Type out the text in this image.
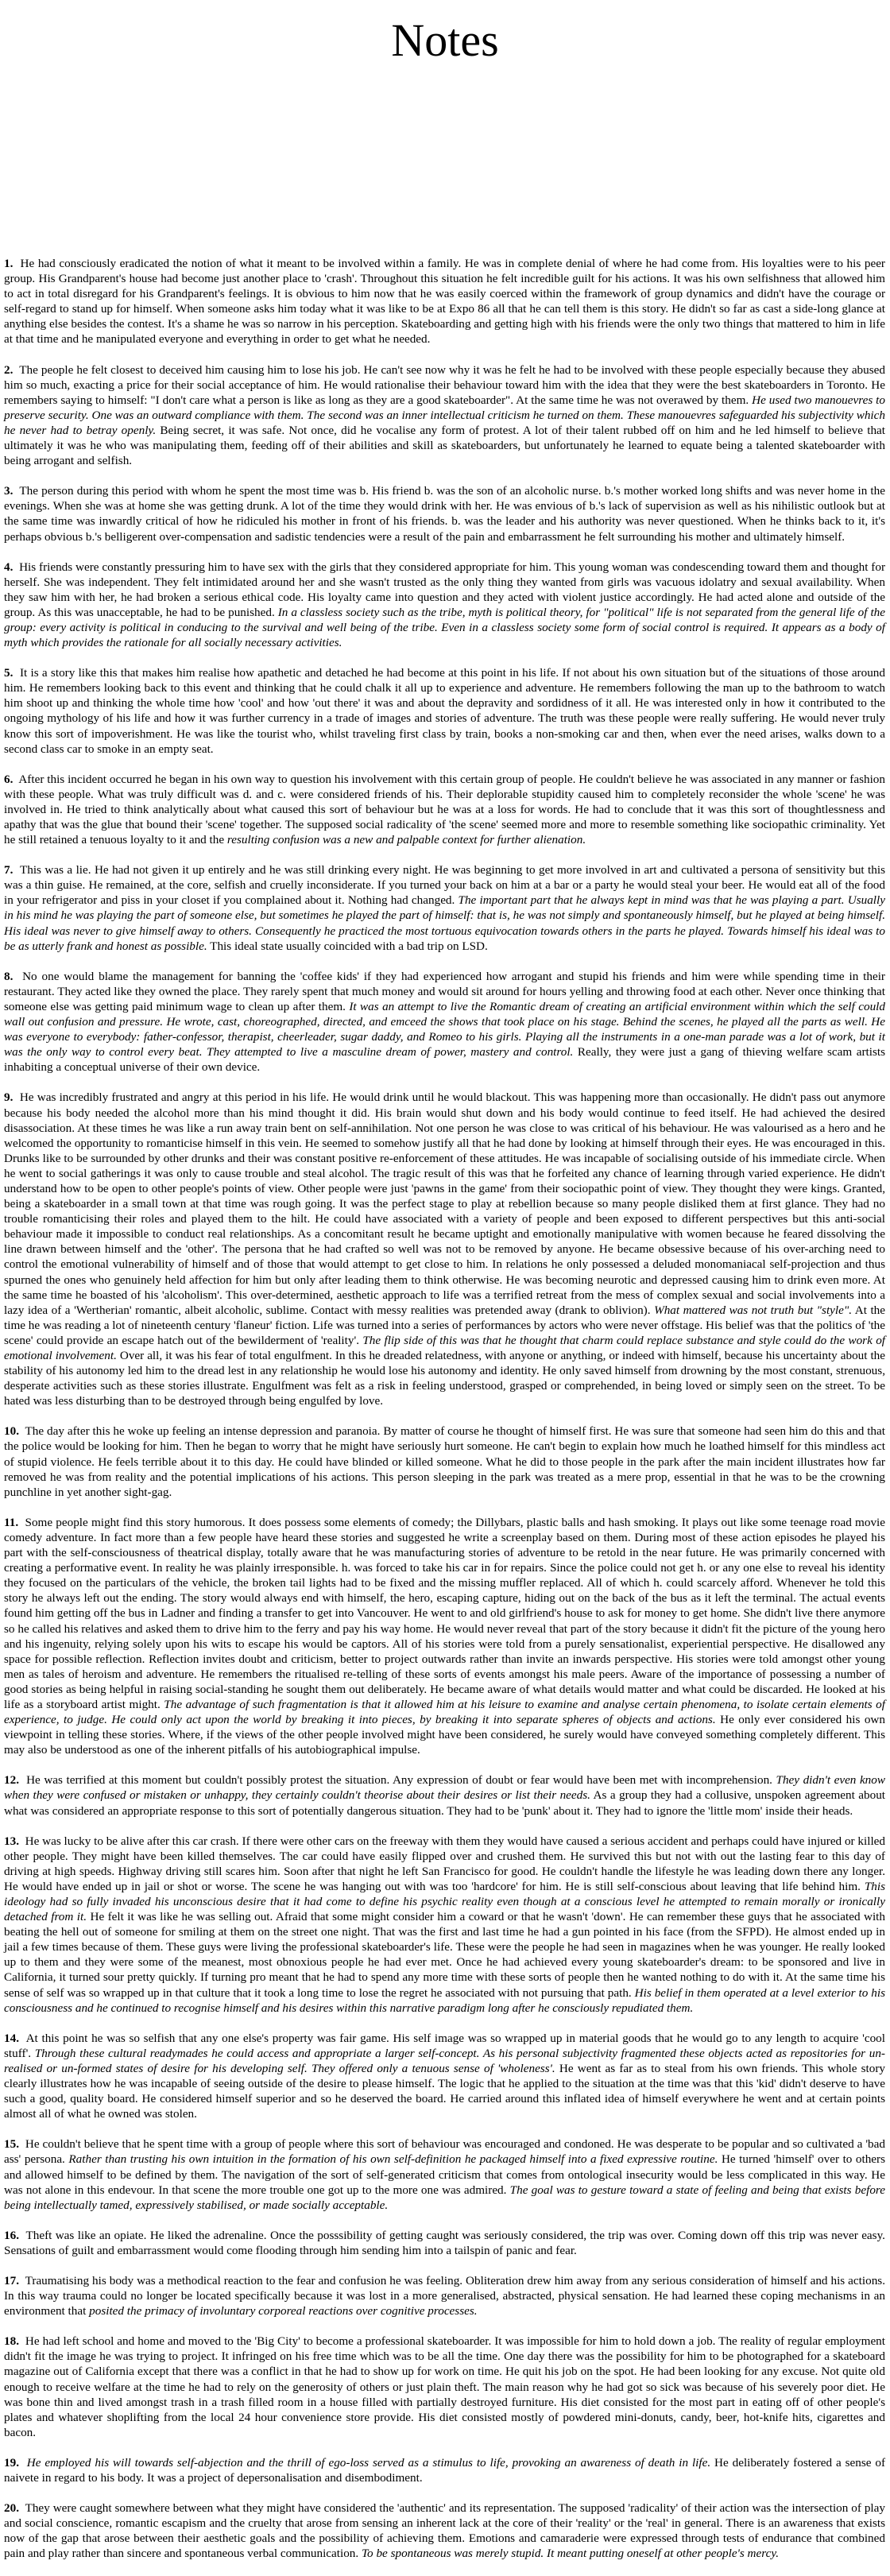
Notes

1. He had consciously eradicated the notion of what it meant to be involved within a family. He was in complete denial of where he had come from. His loyalties were to his peer group. His Grandparent's house had become just another place to 'crash'. Throughout this situation he felt incredible guilt for his actions. It was his own selfishness that allowed him to act in total disregard for his Grandparent's feelings. It is obvious to him now that he was easily coerced within the framework of group dynamics and didn't have the courage or self-regard to stand up for himself. When someone asks him today what it was like to be at Expo 86 all that he can tell them is this story. He didn't so far as cast a side-long glance at anything else besides the contest. It's a shame he was so narrow in his perception. Skateboarding and getting high with his friends were the only two things that mattered to him in life at that time and he manipulated everyone and everything in order to get what he needed.

2. The people he felt closest to deceived him causing him to lose his job. He can't see now why it was he felt he had to be involved with these people especially because they abused him so much, exacting a price for their social acceptance of him. He would rationalise their behaviour toward him with the idea that they were the best skateboarders in Toronto. He remembers saying to himself: "I don't care what a person is like as long as they are a good skateboarder". At the same time he was not overawed by them. He used two manouevres to preserve security. One was an outward compliance with them. The second was an inner intellectual criticism he turned on them. These manouevres safeguarded his subjectivity which he never had to betray openly. Being secret, it was safe. Not once, did he vocalise any form of protest. A lot of their talent rubbed off on him and he led himself to believe that ultimately it was he who was manipulating them, feeding off of their abilities and skill as skateboarders, but unfortunately he learned to equate being a talented skateboarder with being arrogant and selfish.

3. The person during this period with whom he spent the most time was b. His friend b. was the son of an alcoholic nurse. b.'s mother worked long shifts and was never home in the evenings. When she was at home she was getting drunk. A lot of the time they would drink with her. He was envious of b.'s lack of supervision as well as his nihilistic outlook but at the same time was inwardly critical of how he ridiculed his mother in front of his friends. b. was the leader and his authority was never questioned. When he thinks back to it, it's perhaps obvious b.'s belligerent over-compensation and sadistic tendencies were a result of the pain and embarrassment he felt surrounding his mother and ultimately himself.

4. His friends were constantly pressuring him to have sex with the girls that they considered appropriate for him. This young woman was condescending toward them and thought for herself. She was independent. They felt intimidated around her and she wasn't trusted as the only thing they wanted from girls was vacuous idolatry and sexual availability. When they saw him with her, he had broken a serious ethical code. His loyalty came into question and they acted with violent justice accordingly. He had acted alone and outside of the group. As this was unacceptable, he had to be punished. In a classless society such as the tribe, myth is political theory, for "political" life is not separated from the general life of the group: every activity is political in conducing to the survival and well being of the tribe. Even in a classless society some form of social control is required. It appears as a body of myth which provides the rationale for all socially necessary activities.

5. It is a story like this that makes him realise how apathetic and detached he had become at this point in his life. If not about his own situation but of the situations of those around him. He remembers looking back to this event and thinking that he could chalk it all up to experience and adventure. He remembers following the man up to the bathroom to watch him shoot up and thinking the whole time how 'cool' and how 'out there' it was and about the depravity and sordidness of it all. He was interested only in how it contributed to the ongoing mythology of his life and how it was further currency in a trade of images and stories of adventure. The truth was these people were really suffering. He would never truly know this sort of impoverishment. He was like the tourist who, whilst traveling first class by train, books a non-smoking car and then, when ever the need arises, walks down to a second class car to smoke in an empty seat.

6. After this incident occurred he began in his own way to question his involvement with this certain group of people. He couldn't believe he was associated in any manner or fashion with these people. What was truly difficult was d. and c. were considered friends of his. Their deplorable stupidity caused him to completely reconsider the whole 'scene' he was involved in. He tried to think analytically about what caused this sort of behaviour but he was at a loss for words. He had to conclude that it was this sort of thoughtlessness and apathy that was the glue that bound their 'scene' together. The supposed social radicality of 'the scene' seemed more and more to resemble something like sociopathic criminality. Yet he still retained a tenuous loyalty to it and the resulting confusion was a new and palpable context for further alienation.

7. This was a lie. He had not given it up entirely and he was still drinking every night. He was beginning to get more involved in art and cultivated a persona of sensitivity but this was a thin guise. He remained, at the core, selfish and cruelly inconsiderate. If you turned your back on him at a bar or a party he would steal your beer. He would eat all of the food in your refrigerator and piss in your closet if you complained about it. Nothing had changed. The important part that he always kept in mind was that he was playing a part. Usually in his mind he was playing the part of someone else, but sometimes he played the part of himself: that is, he was not simply and spontaneously himself, but he played at being himself. His ideal was never to give himself away to others. Consequently he practiced the most tortuous equivocation towards others in the parts he played. Towards himself his ideal was to be as utterly frank and honest as possible. This ideal state usually coincided with a bad trip on LSD.

8. No one would blame the management for banning the 'coffee kids' if they had experienced how arrogant and stupid his friends and him were while spending time in their restaurant. They acted like they owned the place. They rarely spent that much money and would sit around for hours yelling and throwing food at each other. Never once thinking that someone else was getting paid minimum wage to clean up after them. It was an attempt to live the Romantic dream of creating an artificial environment within which the self could wall out confusion and pressure. He wrote, cast, choreographed, directed, and emceed the shows that took place on his stage. Behind the scenes, he played all the parts as well. He was everyone to everybody: father-confessor, therapist, cheerleader, sugar daddy, and Romeo to his girls. Playing all the instruments in a one-man parade was a lot of work, but it was the only way to control every beat. They attempted to live a masculine dream of power, mastery and control. Really, they were just a gang of thieving welfare scam artists inhabiting a conceptual universe of their own device.

9. He was incredibly frustrated and angry at this period in his life. He would drink until he would blackout. This was happening more than occasionally. He didn't pass out anymore because his body needed the alcohol more than his mind thought it did. His brain would shut down and his body would continue to feed itself. He had achieved the desired disassociation. At these times he was like a run away train bent on self-annihilation. Not one person he was close to was critical of his behaviour. He was valourised as a hero and he welcomed the opportunity to romanticise himself in this vein. He seemed to somehow justify all that he had done by looking at himself through their eyes. He was encouraged in this. Drunks like to be surrounded by other drunks and their was constant positive re-enforcement of these attitudes. He was incapable of socialising outside of his immediate circle. When he went to social gatherings it was only to cause trouble and steal alcohol. The tragic result of this was that he forfeited any chance of learning through varied experience. He didn't understand how to be open to other people's points of view. Other people were just 'pawns in the game' from their sociopathic point of view. They thought they were kings. Granted, being a skateboarder in a small town at that time was rough going. It was the perfect stage to play at rebellion because so many people disliked them at first glance. They had no trouble romanticising their roles and played them to the hilt. He could have associated with a variety of people and been exposed to different perspectives but this anti-social behaviour made it impossible to conduct real relationships. As a concomitant result he became uptight and emotionally manipulative with women because he feared dissolving the line drawn between himself and the 'other'. The persona that he had crafted so well was not to be removed by anyone. He became obsessive because of his over-arching need to control the emotional vulnerability of himself and of those that would attempt to get close to him. In relations he only possessed a deluded monomaniacal self-projection and thus spurned the ones who genuinely held affection for him but only after leading them to think otherwise. He was becoming neurotic and depressed causing him to drink even more. At the same time he boasted of his 'alcoholism'. This over-determined, aesthetic approach to life was a terrified retreat from the mess of complex sexual and social involvements into a lazy idea of a 'Wertherian' romantic, albeit alcoholic, sublime. Contact with messy realities was pretended away (drank to oblivion). What mattered was not truth but "style". At the time he was reading a lot of nineteenth century 'flaneur' fiction. Life was turned into a series of performances by actors who were never offstage. His belief was that the politics of 'the scene' could provide an escape hatch out of the bewilderment of 'reality'. The flip side of this was that he thought that charm could replace substance and style could do the work of emotional involvement. Over all, it was his fear of total engulfment. In this he dreaded relatedness, with anyone or anything, or indeed with himself, because his uncertainty about the stability of his autonomy led him to the dread lest in any relationship he would lose his autonomy and identity. He only saved himself from drowning by the most constant, strenuous, desperate activities such as these stories illustrate. Engulfment was felt as a risk in feeling understood, grasped or comprehended, in being loved or simply seen on the street. To be hated was less disturbing than to be destroyed through being engulfed by love.

10. The day after this he woke up feeling an intense depression and paranoia. By matter of course he thought of himself first. He was sure that someone had seen him do this and that the police would be looking for him. Then he began to worry that he might have seriously hurt someone. He can't begin to explain how much he loathed himself for this mindless act of stupid violence. He feels terrible about it to this day. He could have blinded or killed someone. What he did to those people in the park after the main incident illustrates how far removed he was from reality and the potential implications of his actions. This person sleeping in the park was treated as a mere prop, essential in that he was to be the crowning punchline in yet another sight-gag.

11. Some people might find this story humorous. It does possess some elements of comedy; the Dillybars, plastic balls and hash smoking. It plays out like some teenage road movie comedy adventure. In fact more than a few people have heard these stories and suggested he write a screenplay based on them. During most of these action episodes he played his part with the self-consciousness of theatrical display, totally aware that he was manufacturing stories of adventure to be retold in the near future. He was primarily concerned with creating a performative event. In reality he was plainly irresponsible. h. was forced to take his car in for repairs. Since the police could not get h. or any one else to reveal his identity they focused on the particulars of the vehicle, the broken tail lights had to be fixed and the missing muffler replaced. All of which h. could scarcely afford. Whenever he told this story he always left out the ending. The story would always end with himself, the hero, escaping capture, hiding out on the back of the bus as it left the terminal. The actual events found him getting off the bus in Ladner and finding a transfer to get into Vancouver. He went to and old girlfriend's house to ask for money to get home. She didn't live there anymore so he called his relatives and asked them to drive him to the ferry and pay his way home. He would never reveal that part of the story because it didn't fit the picture of the young hero and his ingenuity, relying solely upon his wits to escape his would be captors. All of his stories were told from a purely sensationalist, experiential perspective. He disallowed any space for possible reflection. Reflection invites doubt and criticism, better to project outwards rather than invite an inwards perspective. His stories were told amongst other young men as tales of heroism and adventure. He remembers the ritualised re-telling of these sorts of events amongst his male peers. Aware of the importance of possessing a number of good stories as being helpful in raising social-standing he sought them out deliberately. He became aware of what details would matter and what could be discarded. He looked at his life as a storyboard artist might. The advantage of such fragmentation is that it allowed him at his leisure to examine and analyse certain phenomena, to isolate certain elements of experience, to judge. He could only act upon the world by breaking it into pieces, by breaking it into separate spheres of objects and actions. He only ever considered his own viewpoint in telling these stories. Where, if the views of the other people involved might have been considered, he surely would have conveyed something completely different. This may also be understood as one of the inherent pitfalls of his autobiographical impulse.

12. He was terrified at this moment but couldn't possibly protest the situation. Any expression of doubt or fear would have been met with incomprehension. They didn't even know when they were confused or mistaken or unhappy, they certainly couldn't theorise about their desires or list their needs. As a group they had a collusive, unspoken agreement about what was considered an appropriate response to this sort of potentially dangerous situation. They had to be 'punk' about it. They had to ignore the 'little mom' inside their heads.

13. He was lucky to be alive after this car crash. If there were other cars on the freeway with them they would have caused a serious accident and perhaps could have injured or killed other people. They might have been killed themselves. The car could have easily flipped over and crushed them. He survived this but not with out the lasting fear to this day of driving at high speeds. Highway driving still scares him. Soon after that night he left San Francisco for good. He couldn't handle the lifestyle he was leading down there any longer. He would have ended up in jail or shot or worse. The scene he was hanging out with was too 'hardcore' for him. He is still self-conscious about leaving that life behind him. This ideology had so fully invaded his unconscious desire that it had come to define his psychic reality even though at a conscious level he attempted to remain morally or ironically detached from it. He felt it was like he was selling out. Afraid that some might consider him a coward or that he wasn't 'down'. He can remember these guys that he associated with beating the hell out of someone for smiling at them on the street one night. That was the first and last time he had a gun pointed in his face (from the SFPD). He almost ended up in jail a few times because of them. These guys were living the professional skateboarder's life. These were the people he had seen in magazines when he was younger. He really looked up to them and they were some of the meanest, most obnoxious people he had ever met. Once he had achieved every young skateboarder's dream: to be sponsored and live in California, it turned sour pretty quickly. If turning pro meant that he had to spend any more time with these sorts of people then he wanted nothing to do with it. At the same time his sense of self was so wrapped up in that culture that it took a long time to lose the regret he associated with not pursuing that path. His belief in them operated at a level exterior to his consciousness and he continued to recognise himself and his desires within this narrative paradigm long after he consciously repudiated them.

14. At this point he was so selfish that any one else's property was fair game. His self image was so wrapped up in material goods that he would go to any length to acquire 'cool stuff'. Through these cultural readymades he could access and appropriate a larger self-concept. As his personal subjectivity fragmented these objects acted as repositories for un-realised or un-formed states of desire for his developing self. They offered only a tenuous sense of 'wholeness'. He went as far as to steal from his own friends. This whole story clearly illustrates how he was incapable of seeing outside of the desire to please himself. The logic that he applied to the situation at the time was that this 'kid' didn't deserve to have such a good, quality board. He considered himself superior and so he deserved the board. He carried around this inflated idea of himself everywhere he went and at certain points almost all of what he owned was stolen.

15. He couldn't believe that he spent time with a group of people where this sort of behaviour was encouraged and condoned. He was desperate to be popular and so cultivated a 'bad ass' persona. Rather than trusting his own intuition in the formation of his own self-definition he packaged himself into a fixed expressive routine. He turned 'himself' over to others and allowed himself to be defined by them. The navigation of the sort of self-generated criticism that comes from ontological insecurity would be less complicated in this way. He was not alone in this endevour. In that scene the more trouble one got up to the more one was admired. The goal was to gesture toward a state of feeling and being that exists before being intellectually tamed, expressively stabilised, or made socially acceptable.

16. Theft was like an opiate. He liked the adrenaline. Once the posssibility of getting caught was seriously considered, the trip was over. Coming down off this trip was never easy. Sensations of guilt and embarrassment would come flooding through him sending him into a tailspin of panic and fear.

17. Traumatising his body was a methodical reaction to the fear and confusion he was feeling. Obliteration drew him away from any serious consideration of himself and his actions. In this way trauma could no longer be located specifically because it was lost in a more generalised, abstracted, physical sensation. He had learned these coping mechanisms in an environment that posited the primacy of involuntary corporeal reactions over cognitive processes.

18. He had left school and home and moved to the 'Big City' to become a professional skateboarder. It was impossible for him to hold down a job. The reality of regular employment didn't fit the image he was trying to project. It infringed on his free time which was to be all the time. One day there was the possibility for him to be photographed for a skateboard magazine out of California except that there was a conflict in that he had to show up for work on time. He quit his job on the spot. He had been looking for any excuse. Not quite old enough to receive welfare at the time he had to rely on the generosity of others or just plain theft. The main reason why he had got so sick was because of his severely poor diet. He was bone thin and lived amongst trash in a trash filled room in a house filled with partially destroyed furniture. His diet consisted for the most part in eating off of other people's plates and whatever shoplifting from the local 24 hour convenience store provide. His diet consisted mostly of powdered mini-donuts, candy, beer, hot-knife hits, cigarettes and bacon.

19. He employed his will towards self-abjection and the thrill of ego-loss served as a stimulus to life, provoking an awareness of death in life. He deliberately fostered a sense of naivete in regard to his body. It was a project of depersonalisation and disembodiment.

20. They were caught somewhere between what they might have considered the 'authentic' and its representation. The supposed 'radicality' of their action was the intersection of play and social conscience, romantic escapism and the cruelty that arose from sensing an inherent lack at the core of their 'reality' or the 'real' in general. There is an awareness that exists now of the gap that arose between their aesthetic goals and the possibility of achieving them. Emotions and camaraderie were expressed through tests of endurance that combined pain and play rather than sincere and spontaneous verbal communication. To be spontaneous was merely stupid. It meant putting oneself at other people's mercy.
